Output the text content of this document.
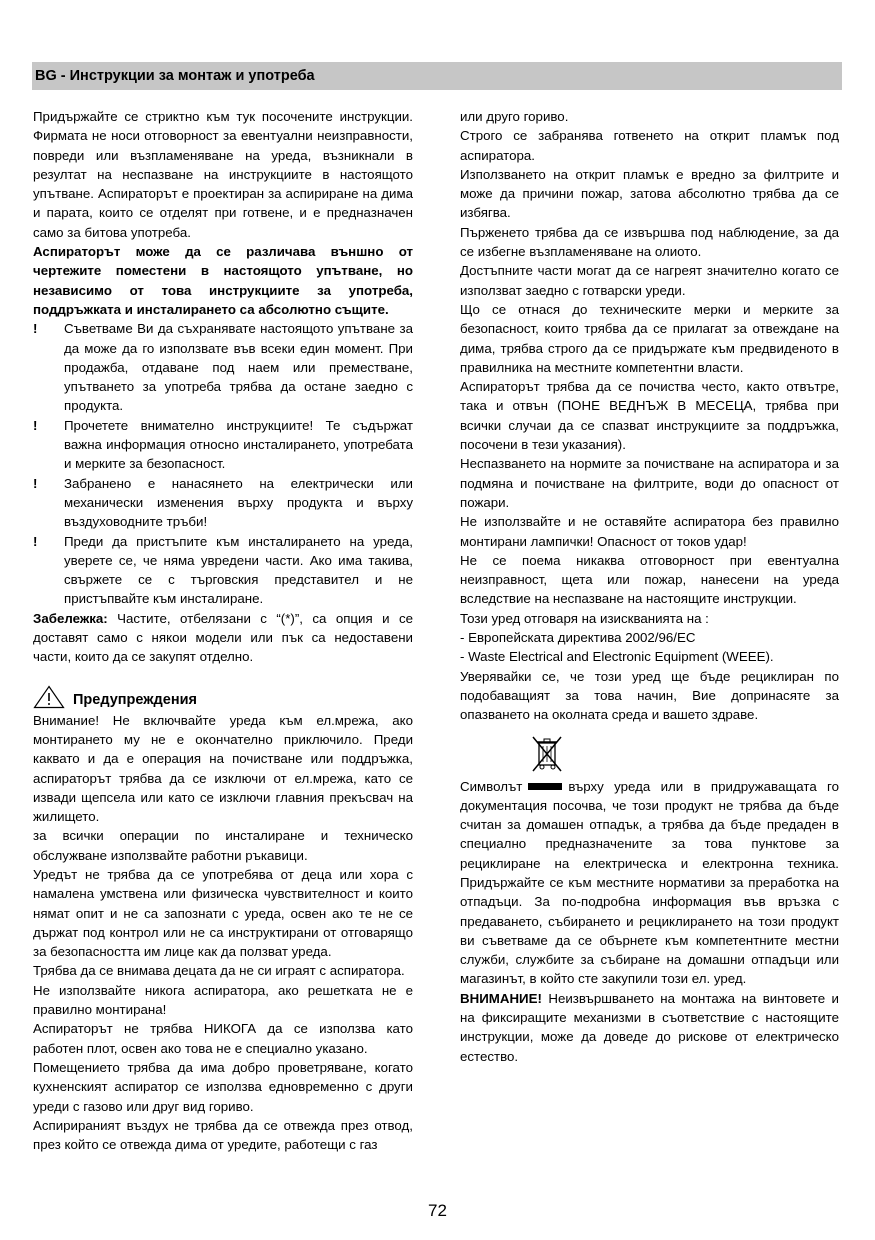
BG - Инструкции за монтаж и употреба

Придържайте се стриктно към тук посочените инструкции. Фирмата не носи отговорност за евентуални неизправности, повреди или възпламеняване на уреда, възникнали в резултат на неспазване на инструкциите в настоящото упътване. Аспираторът е проектиран за аспириране на дима и парата, които се отделят при готвене, и е предназначен само за битова употреба.

Аспираторът може да се различава външно от чертежите поместени в настоящото упътване, но независимо от това инструкциите за употреба, поддръжката и инсталирането са абсолютно същите.

! Съветваме Ви да съхранявате настоящото упътване за да може да го използвате във всеки един момент. При продажба, отдаване под наем или преместване, упътването за употреба трябва да остане заедно с продукта.
! Прочетете внимателно инструкциите! Те съдържат важна информация относно инсталирането, употребата и мерките за безопасност.
! Забранено е нанасянето на електрически или механически изменения върху продукта и върху въздуховодните тръби!
! Преди да пристъпите към инсталирането на уреда, уверете се, че няма увредени части. Ако има такива, свържете се с търговския представител и не пристъпвайте към инсталиране.

Забележка: Частите, отбелязани с “(*)”, са опция и се доставят само с някои модели или пък са недоставени части, които да се закупят отделно.

Предупреждения

Внимание! Не включвайте уреда към ел.мрежа, ако монтирането му не е окончателно приключило. Преди каквато и да е операция на почистване или поддръжка, аспираторът трябва да се изключи от ел.мрежа, като се извади щепсела или като се изключи главния прекъсвач на жилището.

за всички операции по инсталиране и техническо обслужване използвайте работни ръкавици.

Уредът не трябва да се употребява от деца или хора с намалена умствена или физическа чувствителност и които нямат опит и не са запознати с уреда, освен ако те не се държат под контрол или не са инструктирани от отговарящо за безопасността им лице как да ползват уреда.

Трябва да се внимава децата да не си играят с аспиратора.

Не използвайте никога аспиратора, ако решетката не е правилно монтирана!

Аспираторът не трябва НИКОГА да се използва като работен плот, освен ако това не е специално указано.

Помещението трябва да има добро проветряване, когато кухненският аспиратор се използва едновременно с други уреди с газово или друг вид гориво.

Аспирираният въздух не трябва да се отвежда през отвод, през който се отвежда дима от уредите, работещи с газ

или друго гориво.

Строго се забранява готвенето на открит пламък под аспиратора.

Използването на открит пламък е вредно за филтрите и може да причини пожар, затова абсолютно трябва да се избягва.

Пърженето трябва да се извършва под наблюдение, за да се избегне възпламеняване на олиото.

Достъпните части могат да се нагреят значително когато се използват заедно с готварски уреди.

Що се отнася до техническите мерки и мерките за безопасност, които трябва да се прилагат за отвеждане на дима, трябва строго да се придържате към предвиденото в правилника на местните компетентни власти.

Аспираторът трябва да се почиства често, както отвътре, така и отвън (ПОНЕ ВЕДНЪЖ В МЕСЕЦА, трябва при всички случаи да се спазват инструкциите за поддръжка, посочени в тези указания).

Неспазването на нормите за почистване на аспиратора и за подмяна и почистване на филтрите, води до опасност от пожари.

Не използвайте и не оставяйте аспиратора без правилно монтирани лампички! Опасност от токов удар!

Не се поема никаква отговорност при евентуална неизправност, щета или пожар, нанесени на уреда вследствие на неспазване на настоящите инструкции.

Този уред отговаря на изискванията на :

- Европейската директива 2002/96/EC

- Waste Electrical and Electronic Equipment (WEEE).

Уверявайки се, че този уред ще бъде рециклиран по подобаващият за това начин, Вие допринасяте за опазването на околната среда и вашето здраве.

Символът	върху уреда или в придружаващата го документация посочва, че този продукт не трябва да бъде считан за домашен отпадък, а трябва да бъде предаден в специално предназначените за това пунктове за рециклиране на електрическа и електронна техника. Придържайте се към местните нормативи за преработка на отпадъци. За по-подробна информация във връзка с предаването, събирането и рециклирането на този продукт ви съветваме да се обърнете към компетентните местни служби, службите за събиране на домашни отпадъци или магазинът, в който сте закупили този ел. уред.

ВНИМАНИЕ! Неизвършването на монтажа на винтовете и на фиксиращите механизми в съответствие с настоящите инструкции, може да доведе до рискове от електрическо естество.

72
